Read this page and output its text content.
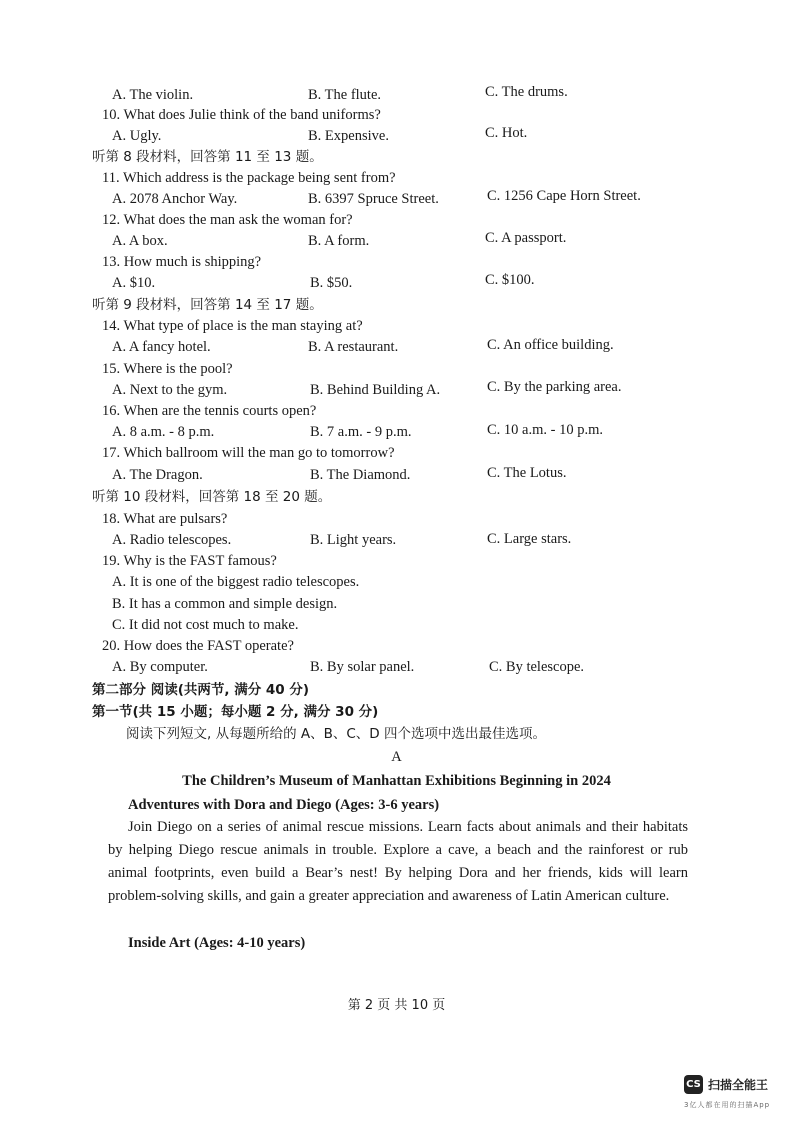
A. The violin.	B. The flute.	C. The drums.
10. What does Julie think of the band uniforms?
A. Ugly.	B. Expensive.	C. Hot.
听第 8 段材料，回答第 11 至 13 题。
11. Which address is the package being sent from?
A. 2078 Anchor Way.	B. 6397 Spruce Street.	C. 1256 Cape Horn Street.
12. What does the man ask the woman for?
A. A box.	B. A form.	C. A passport.
13. How much is shipping?
A. $10.	B. $50.	C. $100.
听第 9 段材料，回答第 14 至 17 题。
14. What type of place is the man staying at?
A. A fancy hotel.	B. A restaurant.	C. An office building.
15. Where is the pool?
A. Next to the gym.	B. Behind Building A.	C. By the parking area.
16. When are the tennis courts open?
A. 8 a.m. - 8 p.m.	B. 7 a.m. - 9 p.m.	C. 10 a.m. - 10 p.m.
17. Which ballroom will the man go to tomorrow?
A. The Dragon.	B. The Diamond.	C. The Lotus.
听第 10 段材料，回答第 18 至 20 题。
18. What are pulsars?
A. Radio telescopes.	B. Light years.	C. Large stars.
19. Why is the FAST famous?
A. It is one of the biggest radio telescopes.
B. It has a common and simple design.
C. It did not cost much to make.
20. How does the FAST operate?
A. By computer.	B. By solar panel.	C. By telescope.
第二部分 阅读(共两节, 满分 40 分)
第一节(共 15 小题；每小题 2 分, 满分 30 分)
阅读下列短文, 从每题所给的 A、B、C、D 四个选项中选出最佳选项。
A
The Children’s Museum of Manhattan Exhibitions Beginning in 2024
Adventures with Dora and Diego (Ages: 3-6 years)
Join Diego on a series of animal rescue missions. Learn facts about animals and their habitats by helping Diego rescue animals in trouble. Explore a cave, a beach and the rainforest or rub animal footprints, even build a Bear’s nest! By helping Dora and her friends, kids will learn problem-solving skills, and gain a greater appreciation and awareness of Latin American culture.
Inside Art (Ages: 4-10 years)
第 2 页 共 10 页
CS 扫描全能王
3亿人都在用的扫描App
